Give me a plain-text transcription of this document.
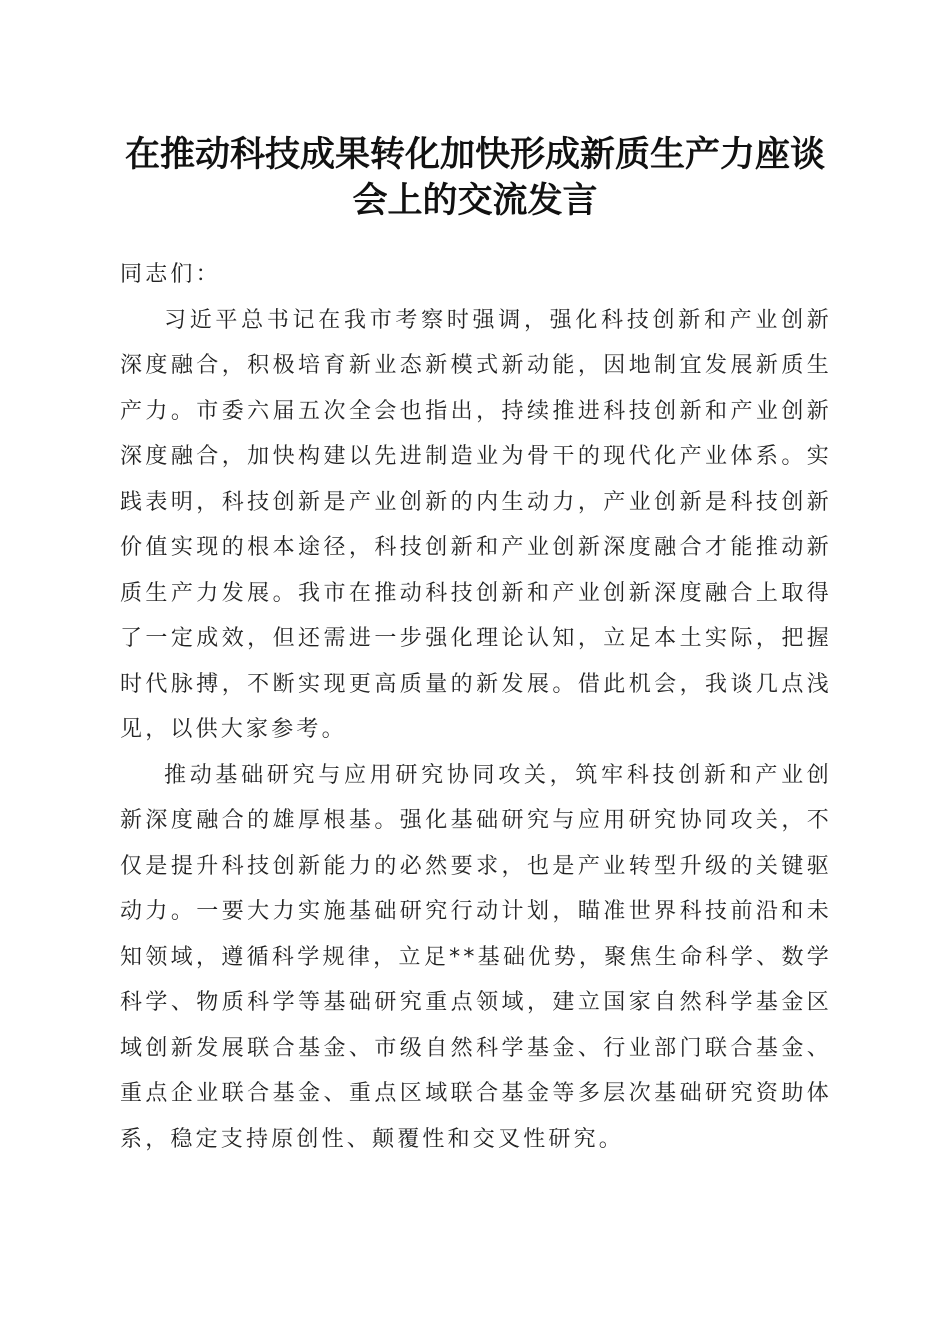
在推动科技成果转化加快形成新质生产力座谈
会上的交流发言

同志们：

习近平总书记在我市考察时强调，强化科技创新和产业创新深度融合，积极培育新业态新模式新动能，因地制宜发展新质生产力。市委六届五次全会也指出，持续推进科技创新和产业创新深度融合，加快构建以先进制造业为骨干的现代化产业体系。实践表明，科技创新是产业创新的内生动力，产业创新是科技创新价值实现的根本途径，科技创新和产业创新深度融合才能推动新质生产力发展。我市在推动科技创新和产业创新深度融合上取得了一定成效，但还需进一步强化理论认知，立足本土实际，把握时代脉搏，不断实现更高质量的新发展。借此机会，我谈几点浅见，以供大家参考。

推动基础研究与应用研究协同攻关，筑牢科技创新和产业创新深度融合的雄厚根基。强化基础研究与应用研究协同攻关，不仅是提升科技创新能力的必然要求，也是产业转型升级的关键驱动力。一要大力实施基础研究行动计划，瞄准世界科技前沿和未知领域，遵循科学规律，立足**基础优势，聚焦生命科学、数学科学、物质科学等基础研究重点领域，建立国家自然科学基金区域创新发展联合基金、市级自然科学基金、行业部门联合基金、重点企业联合基金、重点区域联合基金等多层次基础研究资助体系，稳定支持原创性、颠覆性和交叉性研究。
